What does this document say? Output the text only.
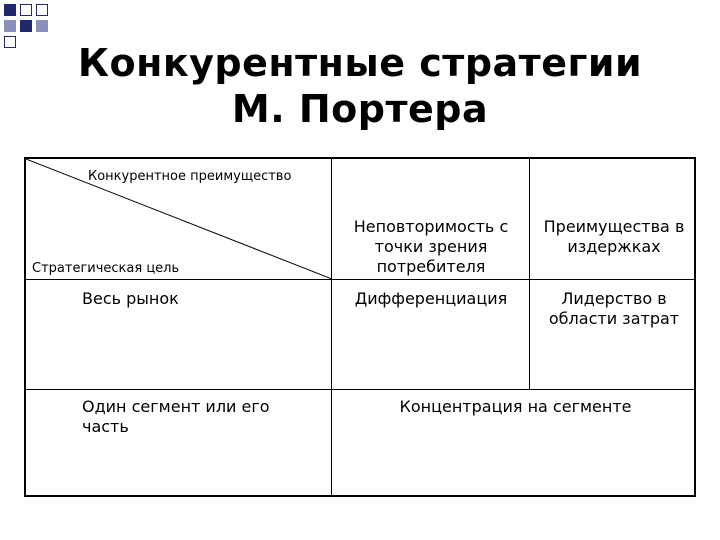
Конкурентные стратегии
М. Портера
Конкурентное преимущество
Стратегическая цель
Неповторимость с точки зрения потребителя
Преимущества в издержках
Весь рынок
Один сегмент или его часть
Дифференциация	Лидерство в области затрат
Концентрация на сегменте
